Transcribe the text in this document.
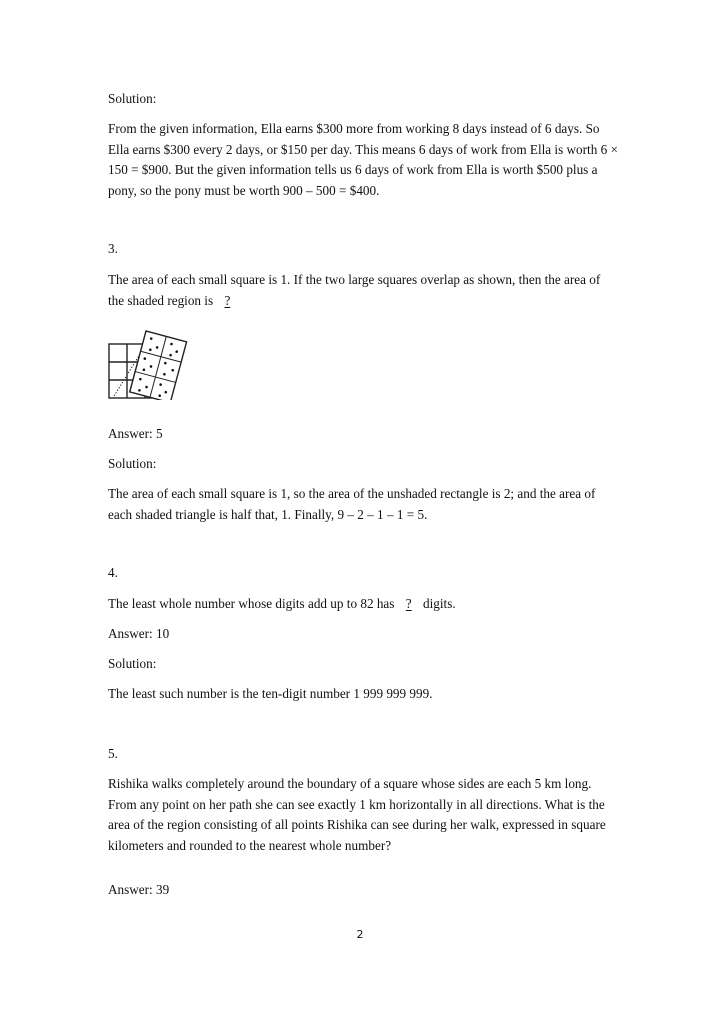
Solution:

From the given information, Ella earns $300 more from working 8 days instead of 6 days. So Ella earns $300 every 2 days, or $150 per day. This means 6 days of work from Ella is worth 6 × 150 = $900. But the given information tells us 6 days of work from Ella is worth $500 plus a pony, so the pony must be worth 900 – 500 = $400.

3.

The area of each small square is 1. If the two large squares overlap as shown, then the area of the shaded region is ?

Answer: 5

Solution:

The area of each small square is 1, so the area of the unshaded rectangle is 2; and the area of each shaded triangle is half that, 1. Finally, 9 – 2 – 1 – 1 = 5.

4.

The least whole number whose digits add up to 82 has ? digits.

Answer: 10

Solution:

The least such number is the ten-digit number 1 999 999 999.

5.

Rishika walks completely around the boundary of a square whose sides are each 5 km long. From any point on her path she can see exactly 1 km horizontally in all directions. What is the area of the region consisting of all points Rishika can see during her walk, expressed in square kilometers and rounded to the nearest whole number?

Answer: 39

2
